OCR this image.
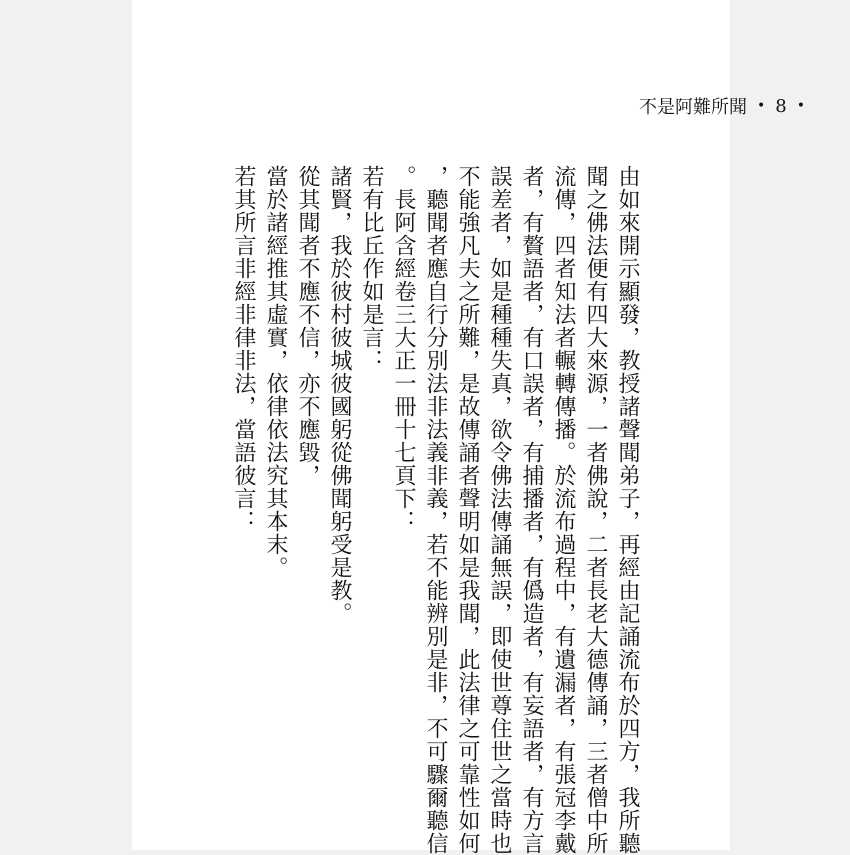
不是阿難所聞 • 8 •
由如來開示顯發，教授諸聲聞弟子，再經由記誦流布於四方，我所聽
聞之佛法便有四大來源，一者佛說，二者長老大德傳誦，三者僧中所
流傳，四者知法者輾轉傳播。於流布過程中，有遺漏者，有張冠李戴
者，有贅語者，有口誤者，有捕播者，有僞造者，有妄語者，有方言
誤差者，如是種種失真，欲令佛法傳誦無誤，即使世尊住世之當時也
不能強凡夫之所難，是故傳誦者聲明如是我聞，此法律之可靠性如何
，聽聞者應自行分別法非法義非義，若不能辨別是非，不可驟爾聽信
。長阿含經卷三大正一冊十七頁下：
若有比丘作如是言：
諸賢，我於彼村彼城彼國躬從佛聞躬受是教。
從其聞者不應不信，亦不應毀，
當於諸經推其虛實，依律依法究其本末。
若其所言非經非律非法，當語彼言：
